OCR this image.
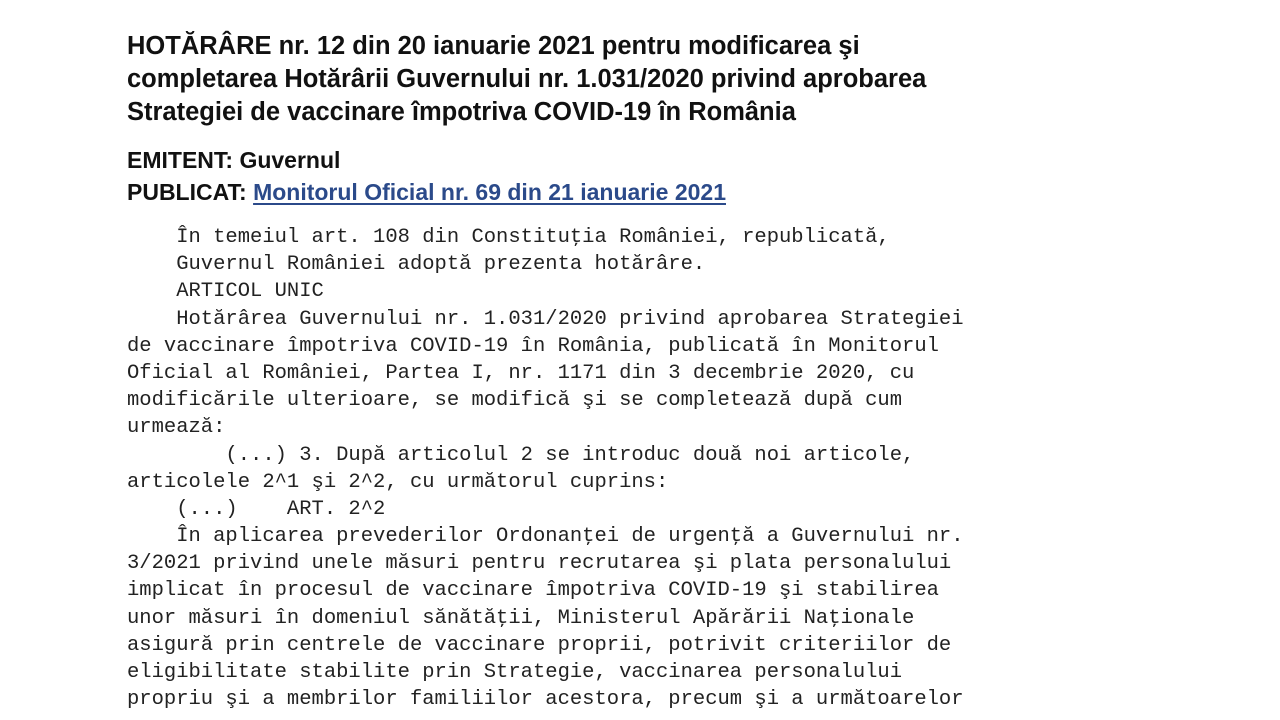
HOTĂRÂRE nr. 12 din 20 ianuarie 2021 pentru modificarea şi
completarea Hotărârii Guvernului nr. 1.031/2020 privind aprobarea
Strategiei de vaccinare împotriva COVID-19 în România

EMITENT: Guvernul

PUBLICAT: Monitorul Oficial nr. 69 din 21 ianuarie 2021

În temeiul art. 108 din Constituţia României, republicată,
Guvernul României adoptă prezenta hotărâre.
ARTICOL UNIC
Hotărârea Guvernului nr. 1.031/2020 privind aprobarea Strategiei
de vaccinare împotriva COVID-19 în România, publicată în Monitorul
Oficial al României, Partea I, nr. 1171 din 3 decembrie 2020, cu
modificările ulterioare, se modifică şi se completează după cum
urmează:
(...) 3. După articolul 2 se introduc două noi articole,
articolele 2^1 şi 2^2, cu următorul cuprins:
(...)    ART. 2^2
În aplicarea prevederilor Ordonanţei de urgenţă a Guvernului nr.
3/2021 privind unele măsuri pentru recrutarea şi plata personalului
implicat în procesul de vaccinare împotriva COVID-19 şi stabilirea
unor măsuri în domeniul sănătăţii, Ministerul Apărării Naţionale
asigură prin centrele de vaccinare proprii, potrivit criteriilor de
eligibilitate stabilite prin Strategie, vaccinarea personalului
propriu şi a membrilor familiilor acestora, precum şi a următoarelor
